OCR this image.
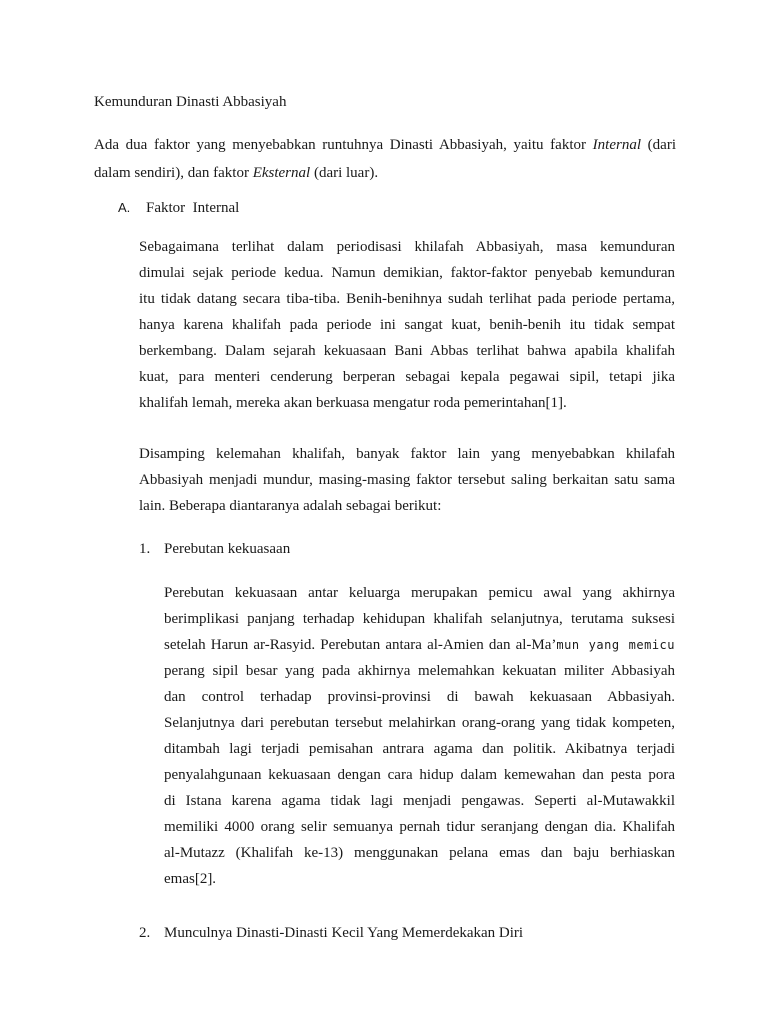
Kemunduran Dinasti Abbasiyah
Ada dua faktor yang menyebabkan runtuhnya Dinasti Abbasiyah, yaitu faktor Internal (dari
dalam sendiri), dan faktor Eksternal (dari luar).
A. Faktor  Internal
Sebagaimana terlihat dalam periodisasi khilafah Abbasiyah, masa kemunduran
dimulai sejak periode kedua. Namun demikian, faktor-faktor penyebab kemunduran
itu tidak datang secara tiba-tiba. Benih-benihnya sudah terlihat pada periode pertama,
hanya karena khalifah pada periode ini sangat kuat, benih-benih itu tidak sempat
berkembang. Dalam sejarah kekuasaan Bani Abbas terlihat bahwa apabila khalifah
kuat, para menteri cenderung berperan sebagai kepala pegawai sipil, tetapi jika
khalifah lemah, mereka akan berkuasa mengatur roda pemerintahan[1].
Disamping kelemahan khalifah, banyak faktor lain yang menyebabkan khilafah
Abbasiyah menjadi mundur, masing-masing faktor tersebut saling berkaitan satu sama
lain. Beberapa diantaranya adalah sebagai berikut:
1. Perebutan kekuasaan
Perebutan kekuasaan antar keluarga merupakan pemicu awal yang akhirnya
berimplikasi panjang terhadap kehidupan khalifah selanjutnya, terutama suksesi
setelah Harun ar-Rasyid. Perebutan antara al-Amien dan al-Ma’mun yang memicu
perang sipil besar yang pada akhirnya melemahkan kekuatan militer Abbasiyah
dan control terhadap provinsi-provinsi di bawah kekuasaan Abbasiyah.
Selanjutnya dari perebutan tersebut melahirkan orang-orang yang tidak kompeten,
ditambah lagi terjadi pemisahan antrara agama dan politik. Akibatnya terjadi
penyalahgunaan kekuasaan dengan cara hidup dalam kemewahan dan pesta pora
di Istana karena agama tidak lagi menjadi pengawas. Seperti al-Mutawakkil
memiliki 4000 orang selir semuanya pernah tidur seranjang dengan dia. Khalifah
al-Mutazz (Khalifah ke-13) menggunakan pelana emas dan baju berhiaskan
emas[2].
2. Munculnya Dinasti-Dinasti Kecil Yang Memerdekakan Diri
